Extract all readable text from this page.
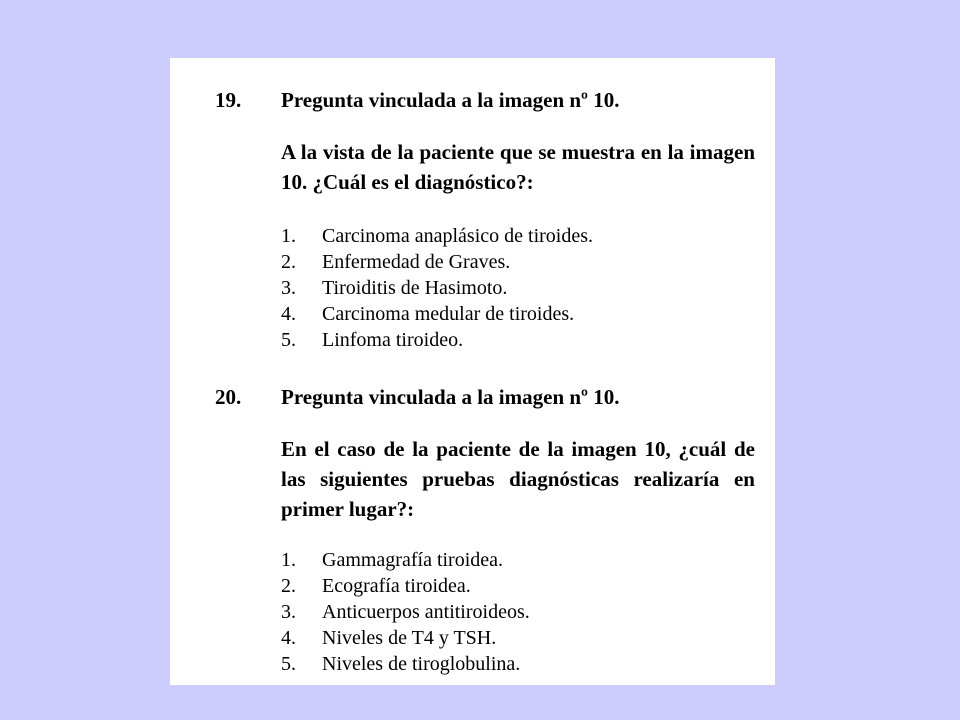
19. Pregunta vinculada a la imagen nº 10.
A la vista de la paciente que se muestra en la imagen 10. ¿Cuál es el diagnóstico?:
1. Carcinoma anaplásico de tiroides.
2. Enfermedad de Graves.
3. Tiroiditis de Hasimoto.
4. Carcinoma medular de tiroides.
5. Linfoma tiroideo.
20. Pregunta vinculada a la imagen nº 10.
En el caso de la paciente de la imagen 10, ¿cuál de las siguientes pruebas diagnósticas realizaría en primer lugar?:
1. Gammagrafía tiroidea.
2. Ecografía tiroidea.
3. Anticuerpos antitiroideos.
4. Niveles de T4 y TSH.
5. Niveles de tiroglobulina.
